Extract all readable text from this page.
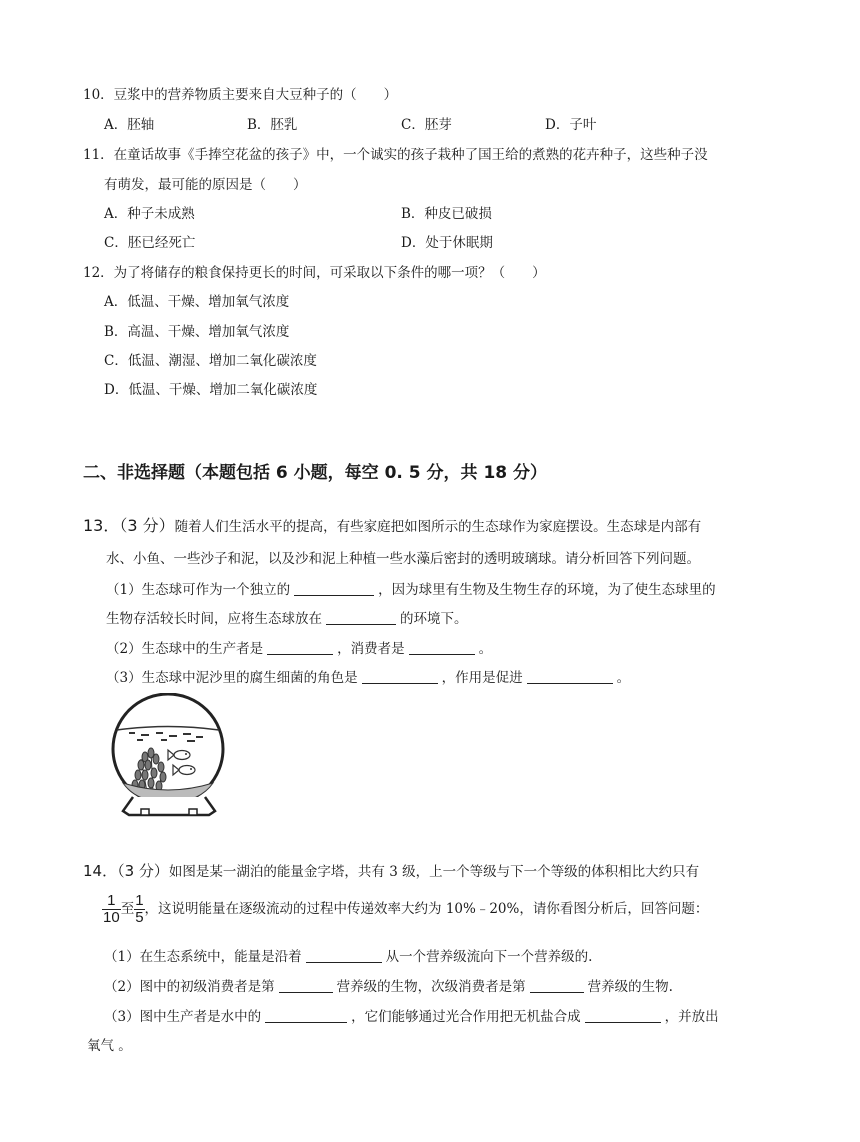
10．豆浆中的营养物质主要来自大豆种子的（　　）
A．胚轴	B．胚乳	C．胚芽	D．子叶
11．在童话故事《手捧空花盆的孩子》中，一个诚实的孩子栽种了国王给的煮熟的花卉种子，这些种子没
有萌发，最可能的原因是（　　）
A．种子未成熟	B．种皮已破损
C．胚已经死亡	D．处于休眠期
12．为了将储存的粮食保持更长的时间，可采取以下条件的哪一项？（　　）
A．低温、干燥、增加氧气浓度
B．高温、干燥、增加氧气浓度
C．低温、潮湿、增加二氧化碳浓度
D．低温、干燥、增加二氧化碳浓度
二、非选择题（本题包括 6 小题，每空 0. 5 分，共 18 分）
13．（3 分）随着人们生活水平的提高，有些家庭把如图所示的生态球作为家庭摆设。生态球是内部有
水、小鱼、一些沙子和泥，以及沙和泥上种植一些水藻后密封的透明玻璃球。请分析回答下列问题。
（1）生态球可作为一个独立的	，因为球里有生物及生物生存的环境，为了使生态球里的
生物存活较长时间，应将生态球放在	的环境下。
（2）生态球中的生产者是	，消费者是	。
（3）生态球中泥沙里的腐生细菌的角色是	，作用是促进	。
14．（3 分）如图是某一湖泊的能量金字塔，共有 3 级，上一个等级与下一个等级的体积相比大约只有
$\frac{1}{10}$ 至 $\frac{1}{5}$ ，这说明能量在逐级流动的过程中传递效率大约为 10%﹣20%，请你看图分析后，回答问题：
（1）在生态系统中，能量是沿着	从一个营养级流向下一个营养级的.
（2）图中的初级消费者是第	营养级的生物，次级消费者是第	营养级的生物.
（3）图中生产者是水中的	，它们能够通过光合作用把无机盐合成	，并放出
氧气 。
